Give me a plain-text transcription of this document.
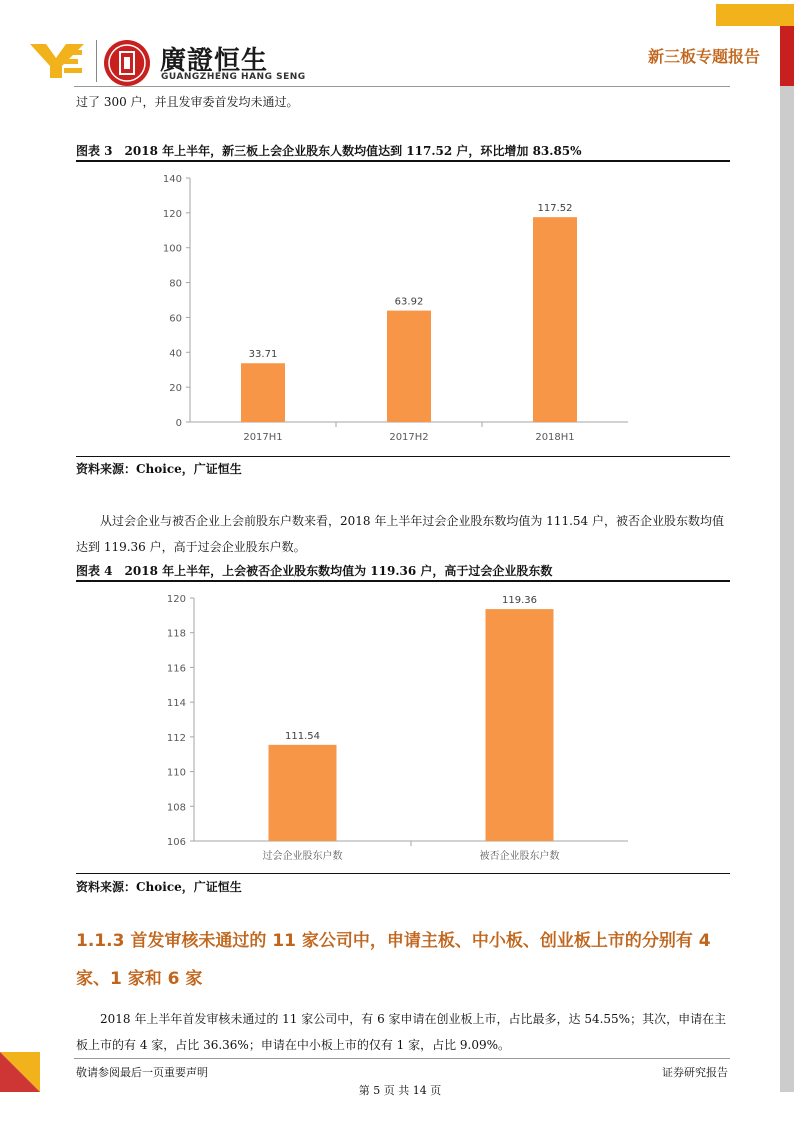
廣證恒生
GUANGZHENG HANG SENG
新三板专题报告
过了 300 户，并且发审委首发均未通过。
图表 3　2018 年上半年，新三板上会企业股东人数均值达到 117.52 户，环比增加 83.85%
0
20
40
60
80
100
120
140
33.71
2017H1
63.92
2017H2
117.52
2018H1
资料来源：Choice，广证恒生
从过会企业与被否企业上会前股东户数来看，2018 年上半年过会企业股东数均值为 111.54 户，被否企业股东数均值达到 119.36 户，高于过会企业股东户数。
图表 4　2018 年上半年，上会被否企业股东数均值为 119.36 户，高于过会企业股东数
106
108
110
112
114
116
118
120
111.54
过会企业股东户数
119.36
被否企业股东户数
资料来源：Choice，广证恒生
1.1.3 首发审核未通过的 11 家公司中，申请主板、中小板、创业板上市的分别有 4 家、1 家和 6 家
2018 年上半年首发审核未通过的 11 家公司中，有 6 家申请在创业板上市，占比最多，达 54.55%；其次，申请在主板上市的有 4 家，占比 36.36%；申请在中小板上市的仅有 1 家，占比 9.09%。
敬请参阅最后一页重要声明	证券研究报告
第 5 页 共 14 页
